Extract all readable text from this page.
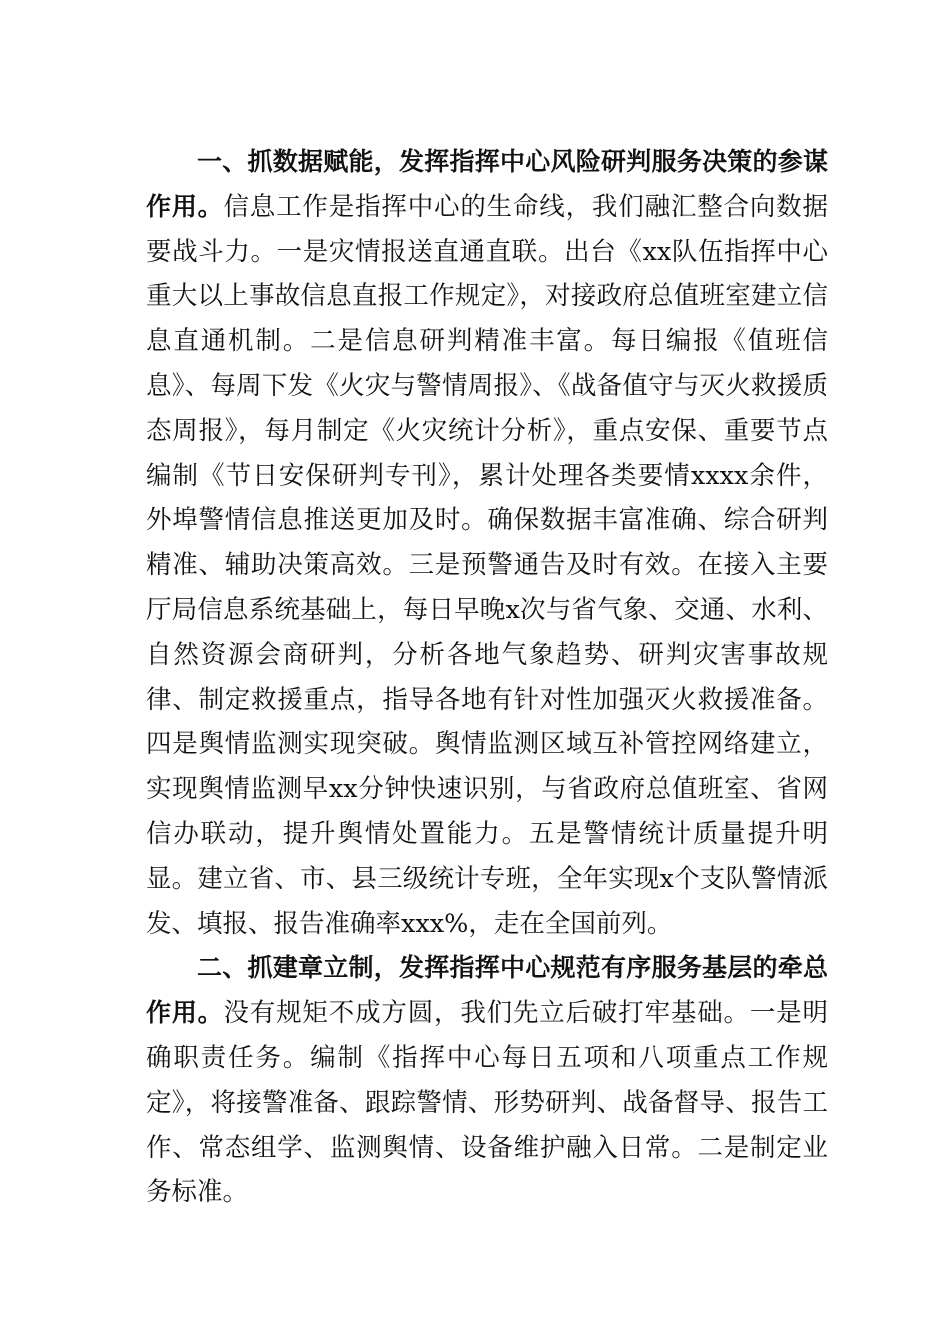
一、抓数据赋能，发挥指挥中心风险研判服务决策的参谋作用。信息工作是指挥中心的生命线，我们融汇整合向数据要战斗力。一是灾情报送直通直联。出台《xx队伍指挥中心重大以上事故信息直报工作规定》，对接政府总值班室建立信息直通机制。二是信息研判精准丰富。每日编报《值班信息》、每周下发《火灾与警情周报》、《战备值守与灭火救援质态周报》，每月制定《火灾统计分析》，重点安保、重要节点编制《节日安保研判专刊》，累计处理各类要情xxxx余件，外埠警情信息推送更加及时。确保数据丰富准确、综合研判精准、辅助决策高效。三是预警通告及时有效。在接入主要厅局信息系统基础上，每日早晚x次与省气象、交通、水利、自然资源会商研判，分析各地气象趋势、研判灾害事故规律、制定救援重点，指导各地有针对性加强灭火救援准备。四是舆情监测实现突破。舆情监测区域互补管控网络建立，实现舆情监测早xx分钟快速识别，与省政府总值班室、省网信办联动，提升舆情处置能力。五是警情统计质量提升明显。建立省、市、县三级统计专班，全年实现x个支队警情派发、填报、报告准确率xxx%，走在全国前列。

二、抓建章立制，发挥指挥中心规范有序服务基层的牵总作用。没有规矩不成方圆，我们先立后破打牢基础。一是明确职责任务。编制《指挥中心每日五项和八项重点工作规定》，将接警准备、跟踪警情、形势研判、战备督导、报告工作、常态组学、监测舆情、设备维护融入日常。二是制定业务标准。
